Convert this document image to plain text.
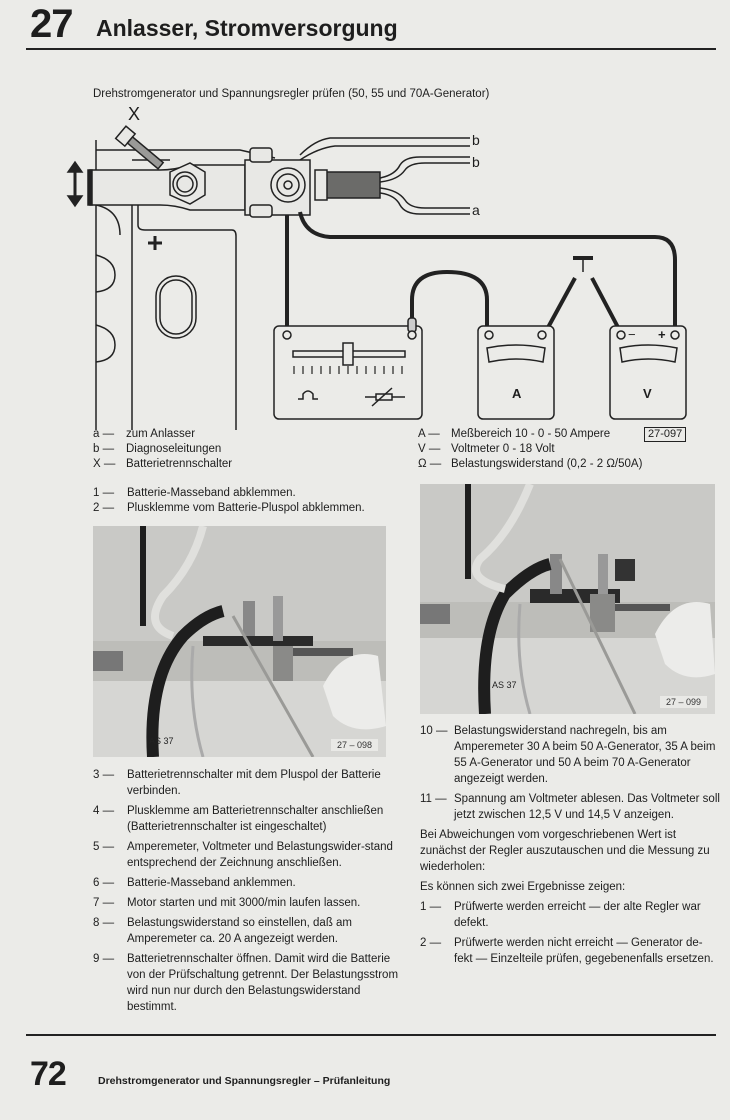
27 Anlasser, Stromversorgung
Drehstromgenerator und Spannungsregler prüfen (50, 55 und 70A-Generator)
X
b
b
a
A	V
− +
a —	zum Anlasser
b —	Diagnoseleitungen
X — Batterietrennschalter
A — Meßbereich 10 - 0 - 50 Ampere
V — Voltmeter 0 - 18 Volt
Ω — Belastungswiderstand (0,2 - 2 Ω/50A)
27-097
1 —	Batterie-Masseband abklemmen.
2 —	Plusklemme vom Batterie-Pluspol abklemmen.
AS 37	27 – 098
AS 37
27 – 099
3 —	Batterietrennschalter mit dem Pluspol der Batterie verbinden.
4 —	Plusklemme am Batterietrennschalter anschließen (Batterietrennschalter ist eingeschaltet)
5 —	Amperemeter, Voltmeter und Belastungswider-stand entsprechend der Zeichnung anschließen.
6 —	Batterie-Masseband anklemmen.
7 —	Motor starten und mit 3000/min laufen lassen.
8 —	Belastungswiderstand so einstellen, daß am Amperemeter ca. 20 A angezeigt werden.
9 —	Batterietrennschalter öffnen. Damit wird die Batterie von der Prüfschaltung getrennt. Der Belastungsstrom wird nun nur durch den Belastungswiderstand bestimmt.
10 — Belastungswiderstand nachregeln, bis am Amperemeter 30 A beim 50 A-Generator, 35 A beim 55 A-Generator und 50 A beim 70 A-Generator angezeigt werden.
11 — Spannung am Voltmeter ablesen. Das Voltmeter soll jetzt zwischen 12,5 V und 14,5 V anzeigen.
Bei Abweichungen vom vorgeschriebenen Wert ist zunächst der Regler auszutauschen und die Messung zu wiederholen:
Es können sich zwei Ergebnisse zeigen:
1 —	Prüfwerte werden erreicht — der alte Regler war defekt.
2 —	Prüfwerte werden nicht erreicht — Generator de-fekt — Einzelteile prüfen, gegebenenfalls ersetzen.
72	Drehstromgenerator und Spannungsregler – Prüfanleitung
